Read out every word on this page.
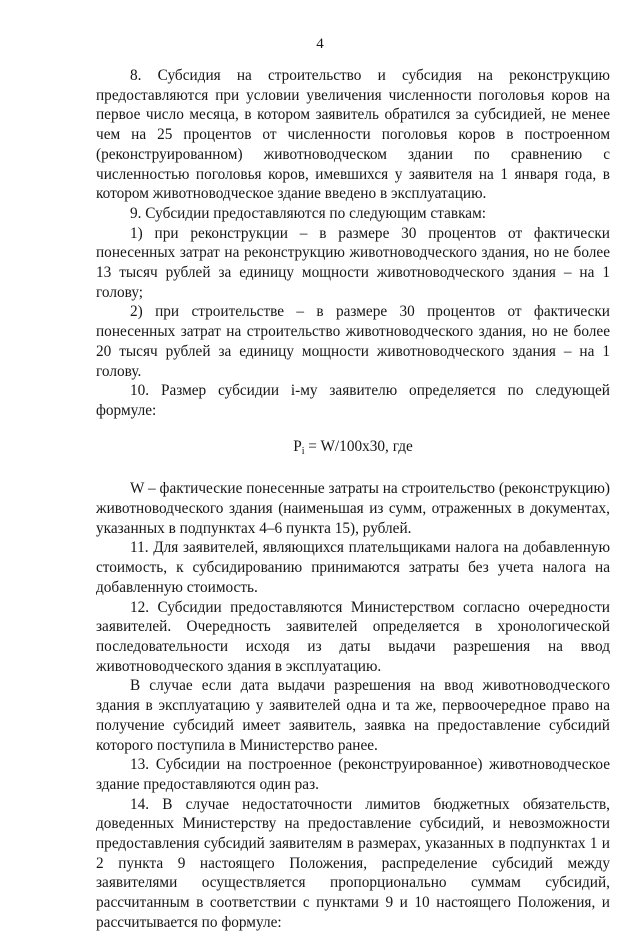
4

8. Субсидия на строительство и субсидия на реконструкцию предоставляются при условии увеличения численности поголовья коров на первое число месяца, в котором заявитель обратился за субсидией, не менее чем на 25 процентов от численности поголовья коров в построенном (реконструированном) животноводческом здании по сравнению с численностью поголовья коров, имевшихся у заявителя на 1 января года, в котором животноводческое здание введено в эксплуатацию.

9. Субсидии предоставляются по следующим ставкам:

1) при реконструкции – в размере 30 процентов от фактически понесенных затрат на реконструкцию животноводческого здания, но не более 13 тысяч рублей за единицу мощности животноводческого здания – на 1 голову;

2) при строительстве – в размере 30 процентов от фактически понесенных затрат на строительство животноводческого здания, но не более 20 тысяч рублей за единицу мощности животноводческого здания – на 1 голову.

10. Размер субсидии i-му заявителю определяется по следующей формуле:

$P_i = W/100х30$, где

W – фактические понесенные затраты на строительство (реконструкцию) животноводческого здания (наименьшая из сумм, отраженных в документах, указанных в подпунктах 4–6 пункта 15), рублей.

11. Для заявителей, являющихся плательщиками налога на добавленную стоимость, к субсидированию принимаются затраты без учета налога на добавленную стоимость.

12. Субсидии предоставляются Министерством согласно очередности заявителей. Очередность заявителей определяется в хронологической последовательности исходя из даты выдачи разрешения на ввод животноводческого здания в эксплуатацию.

В случае если дата выдачи разрешения на ввод животноводческого здания в эксплуатацию у заявителей одна и та же, первоочередное право на получение субсидий имеет заявитель, заявка на предоставление субсидий которого поступила в Министерство ранее.

13. Субсидии на построенное (реконструированное) животноводческое здание предоставляются один раз.

14. В случае недостаточности лимитов бюджетных обязательств, доведенных Министерству на предоставление субсидий, и невозможности предоставления субсидий заявителям в размерах, указанных в подпунктах 1 и 2 пункта 9 настоящего Положения, распределение субсидий между заявителями осуществляется пропорционально суммам субсидий, рассчитанным в соответствии с пунктами 9 и 10 настоящего Положения, и рассчитывается по формуле:
